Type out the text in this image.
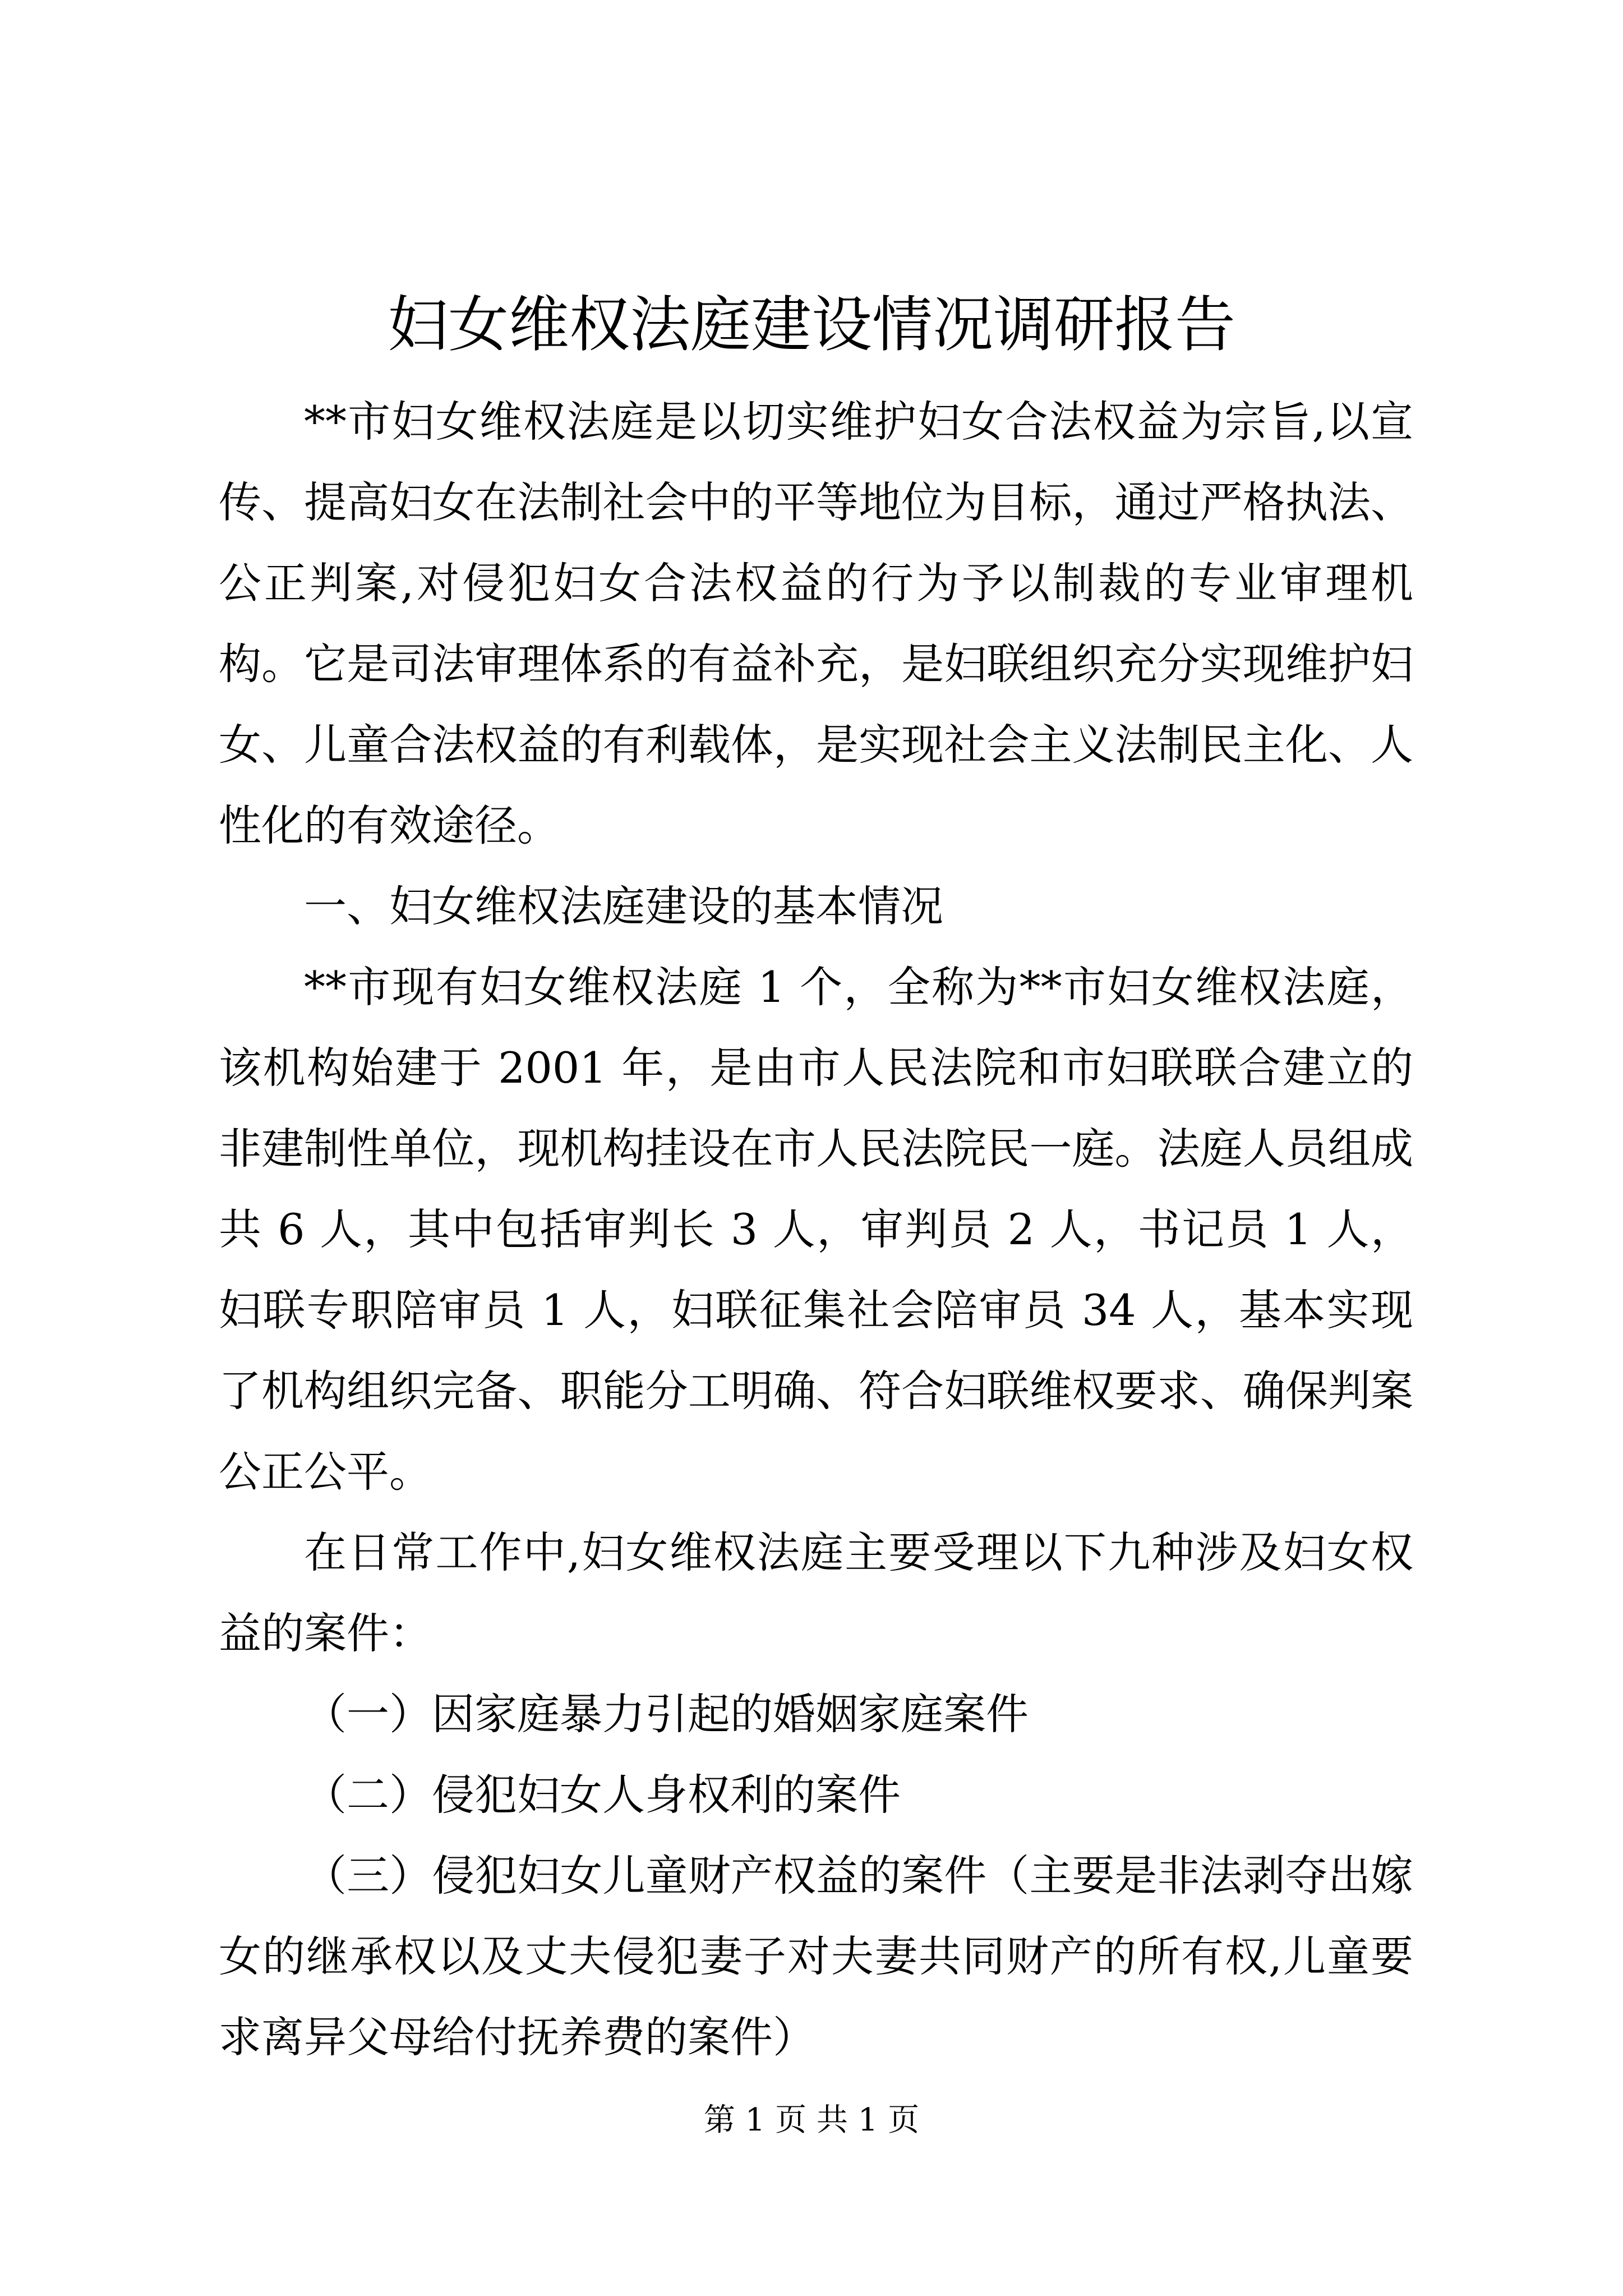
妇女维权法庭建设情况调研报告

**市妇女维权法庭是以切实维护妇女合法权益为宗旨,以宣传、提高妇女在法制社会中的平等地位为目标，通过严格执法、公正判案,对侵犯妇女合法权益的行为予以制裁的专业审理机构。它是司法审理体系的有益补充，是妇联组织充分实现维护妇女、儿童合法权益的有利载体，是实现社会主义法制民主化、人性化的有效途径。

一、妇女维权法庭建设的基本情况

**市现有妇女维权法庭 1 个，全称为**市妇女维权法庭，该机构始建于 2001 年，是由市人民法院和市妇联联合建立的非建制性单位，现机构挂设在市人民法院民一庭。法庭人员组成共 6 人，其中包括审判长 3 人，审判员 2 人，书记员 1 人，妇联专职陪审员 1 人，妇联征集社会陪审员 34 人，基本实现了机构组织完备、职能分工明确、符合妇联维权要求、确保判案公正公平。

在日常工作中,妇女维权法庭主要受理以下九种涉及妇女权益的案件：

（一）因家庭暴力引起的婚姻家庭案件

（二）侵犯妇女人身权利的案件

（三）侵犯妇女儿童财产权益的案件（主要是非法剥夺出嫁女的继承权以及丈夫侵犯妻子对夫妻共同财产的所有权,儿童要求离异父母给付抚养费的案件）

第 1 页 共 1 页
